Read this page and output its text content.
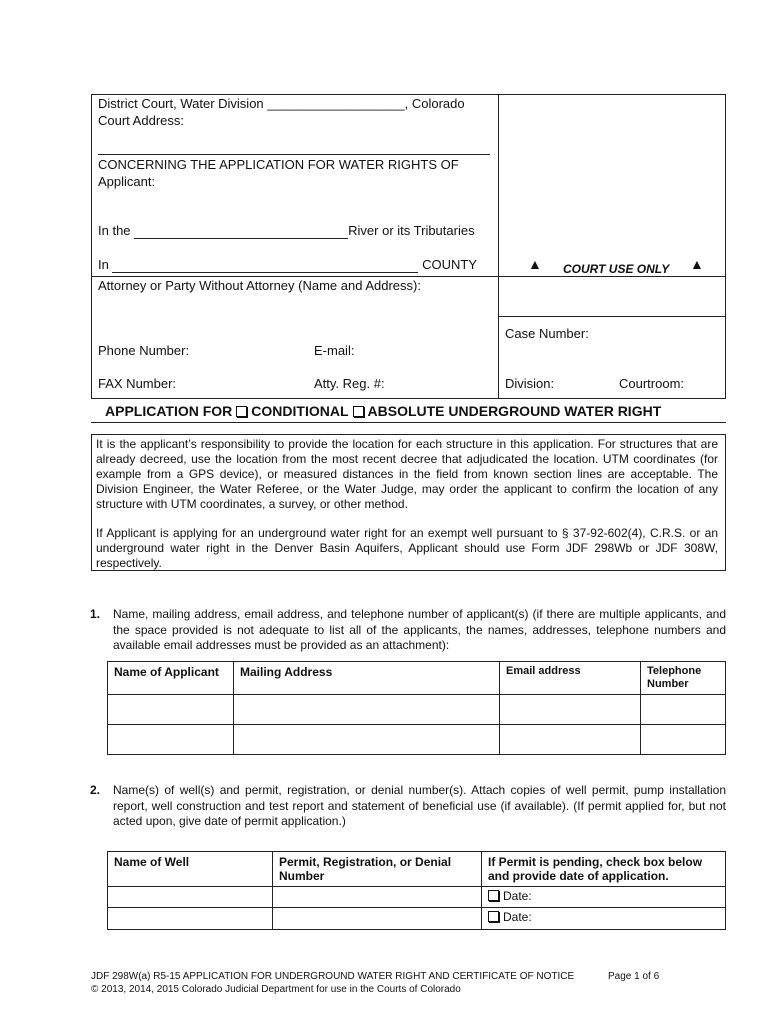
District Court, Water Division ___________________, Colorado
Court Address:
CONCERNING THE APPLICATION FOR WATER RIGHTS OF
Applicant:
In the	River or its Tributaries
In	COUNTY
Attorney or Party Without Attorney (Name and Address):
Phone Number:	E-mail:
FAX Number:	Atty. Reg. #:
▲ COURT USE ONLY ▲
Case Number:
Division:	Courtroom:
APPLICATION FOR CONDITIONAL ABSOLUTE UNDERGROUND WATER RIGHT
It is the applicant’s responsibility to provide the location for each structure in this application. For structures that are already decreed, use the location from the most recent decree that adjudicated the location. UTM coordinates (for example from a GPS device), or measured distances in the field from known section lines are acceptable. The Division Engineer, the Water Referee, or the Water Judge, may order the applicant to confirm the location of any structure with UTM coordinates, a survey, or other method.
If Applicant is applying for an underground water right for an exempt well pursuant to § 37-92-602(4), C.R.S. or an underground water right in the Denver Basin Aquifers, Applicant should use Form JDF 298Wb or JDF 308W, respectively.
1. Name, mailing address, email address, and telephone number of applicant(s) (if there are multiple applicants, and the space provided is not adequate to list all of the applicants, the names, addresses, telephone numbers and available email addresses must be provided as an attachment):
Name of Applicant	Mailing Address	Email address	Telephone Number

2. Name(s) of well(s) and permit, registration, or denial number(s). Attach copies of well permit, pump installation report, well construction and test report and statement of beneficial use (if available). (If permit applied for, but not acted upon, give date of permit application.)
Name of Well	Permit, Registration, or Denial Number	If Permit is pending, check box below and provide date of application.
		Date:
		Date:
JDF 298W(a) R5-15 APPLICATION FOR UNDERGROUND WATER RIGHT AND CERTIFICATE OF NOTICE	Page 1 of 6
© 2013, 2014, 2015 Colorado Judicial Department for use in the Courts of Colorado
